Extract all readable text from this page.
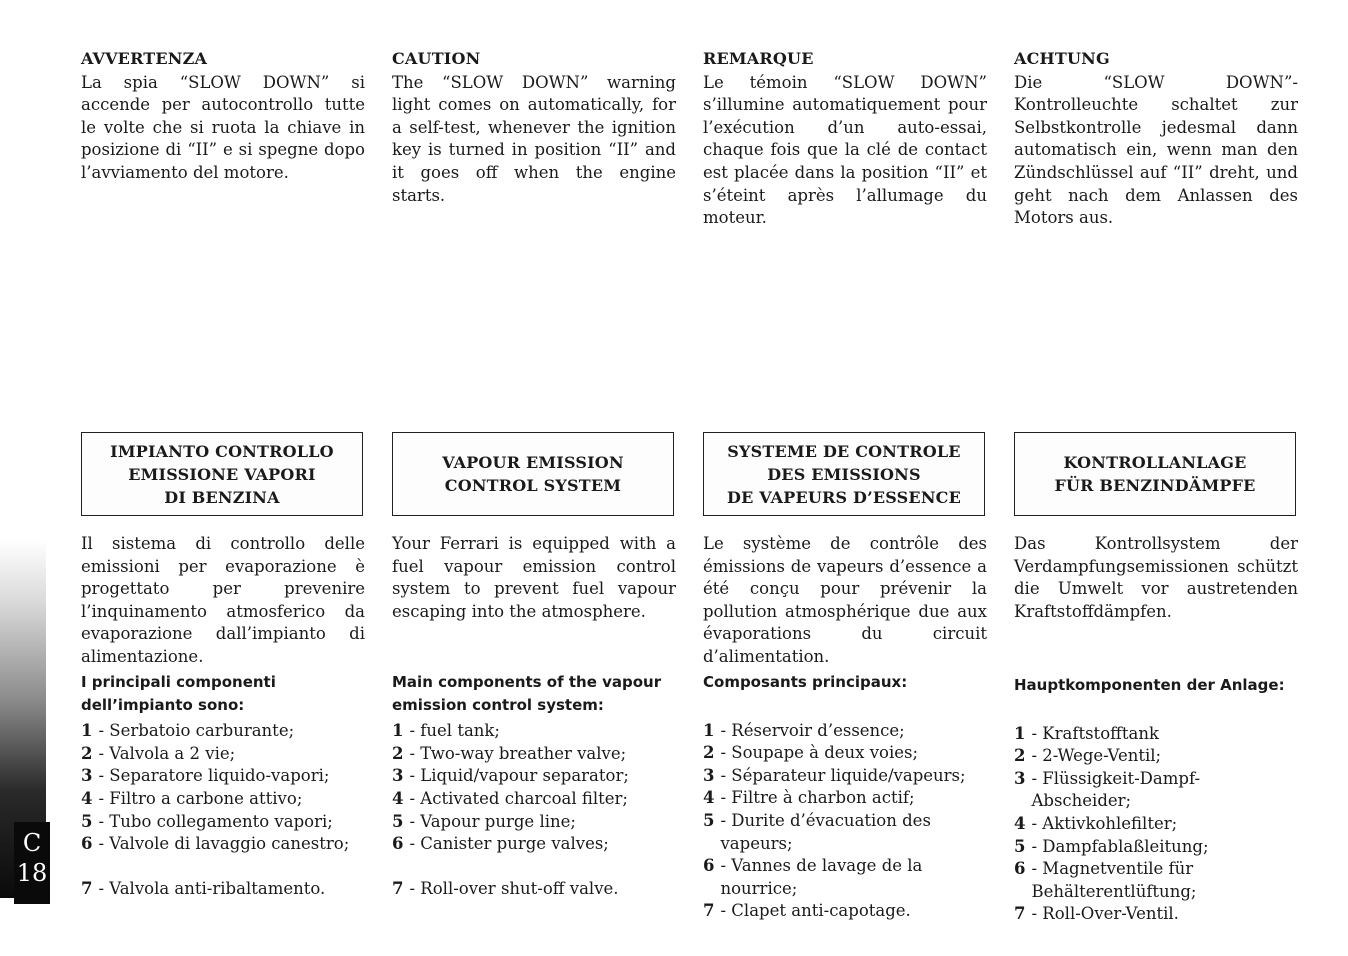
AVVERTENZA

La spia “SLOW DOWN” si accende per autocontrollo tutte le volte che si ruota la chiave in posizione di “II” e si spegne dopo l’avviamento del motore.

CAUTION

The “SLOW DOWN” warning light comes on automatically, for a self-test, whenever the ignition key is turned in position “II” and it goes off when the engine starts.

REMARQUE

Le témoin “SLOW DOWN” s’illumine automatiquement pour l’exécution d’un auto-essai, chaque fois que la clé de contact est placée dans la position “II” et s’éteint après l’allumage du moteur.

ACHTUNG

Die “SLOW DOWN”-Kontrolleuchte schaltet zur Selbstkontrolle jedesmal dann automatisch ein, wenn man den Zündschlüssel auf “II” dreht, und geht nach dem Anlassen des Motors aus.

IMPIANTO CONTROLLO
EMISSIONE VAPORI
DI BENZINA
VAPOUR EMISSION
CONTROL SYSTEM
SYSTEME DE CONTROLE
DES EMISSIONS
DE VAPEURS D’ESSENCE
KONTROLLANLAGE
FÜR BENZINDÄMPFE

Il sistema di controllo delle emissioni per evaporazione è progettato per prevenire l’inquinamento atmosferico da evaporazione dall’impianto di alimentazione.

Your Ferrari is equipped with a fuel vapour emission control system to prevent fuel vapour escaping into the atmosphere.

Le système de contrôle des émissions de vapeurs d’essence a été conçu pour prévenir la pollution atmosphérique due aux évaporations du circuit d’alimentation.

Das Kontrollsystem der Verdampfungsemissionen schützt die Umwelt vor austretenden Kraftstoffdämpfen.

I principali componenti dell’impianto sono:
1 - Serbatoio carburante;
2 - Valvola a 2 vie;
3 - Separatore liquido-vapori;
4 - Filtro a carbone attivo;
5 - Tubo collegamento vapori;
6 - Valvole di lavaggio canestro;
7 - Valvola anti-ribaltamento.
Main components of the vapour emission control system:
1 - fuel tank;
2 - Two-way breather valve;
3 - Liquid/vapour separator;
4 - Activated charcoal filter;
5 - Vapour purge line;
6 - Canister purge valves;
7 - Roll-over shut-off valve.
Composants principaux:
1 - Réservoir d’essence;
2 - Soupape à deux voies;
3 - Séparateur liquide/vapeurs;
4 - Filtre à charbon actif;
5 - Durite d’évacuation des vapeurs;
6 - Vannes de lavage de la nourrice;
7 - Clapet anti-capotage.
Hauptkomponenten der Anlage:
1 - Kraftstofftank
2 - 2-Wege-Ventil;
3 - Flüssigkeit-Dampf-Abscheider;
4 - Aktivkohlefilter;
5 - Dampfablaßleitung;
6 - Magnetventile für Behälterentlüftung;
7 - Roll-Over-Ventil.
C
18
